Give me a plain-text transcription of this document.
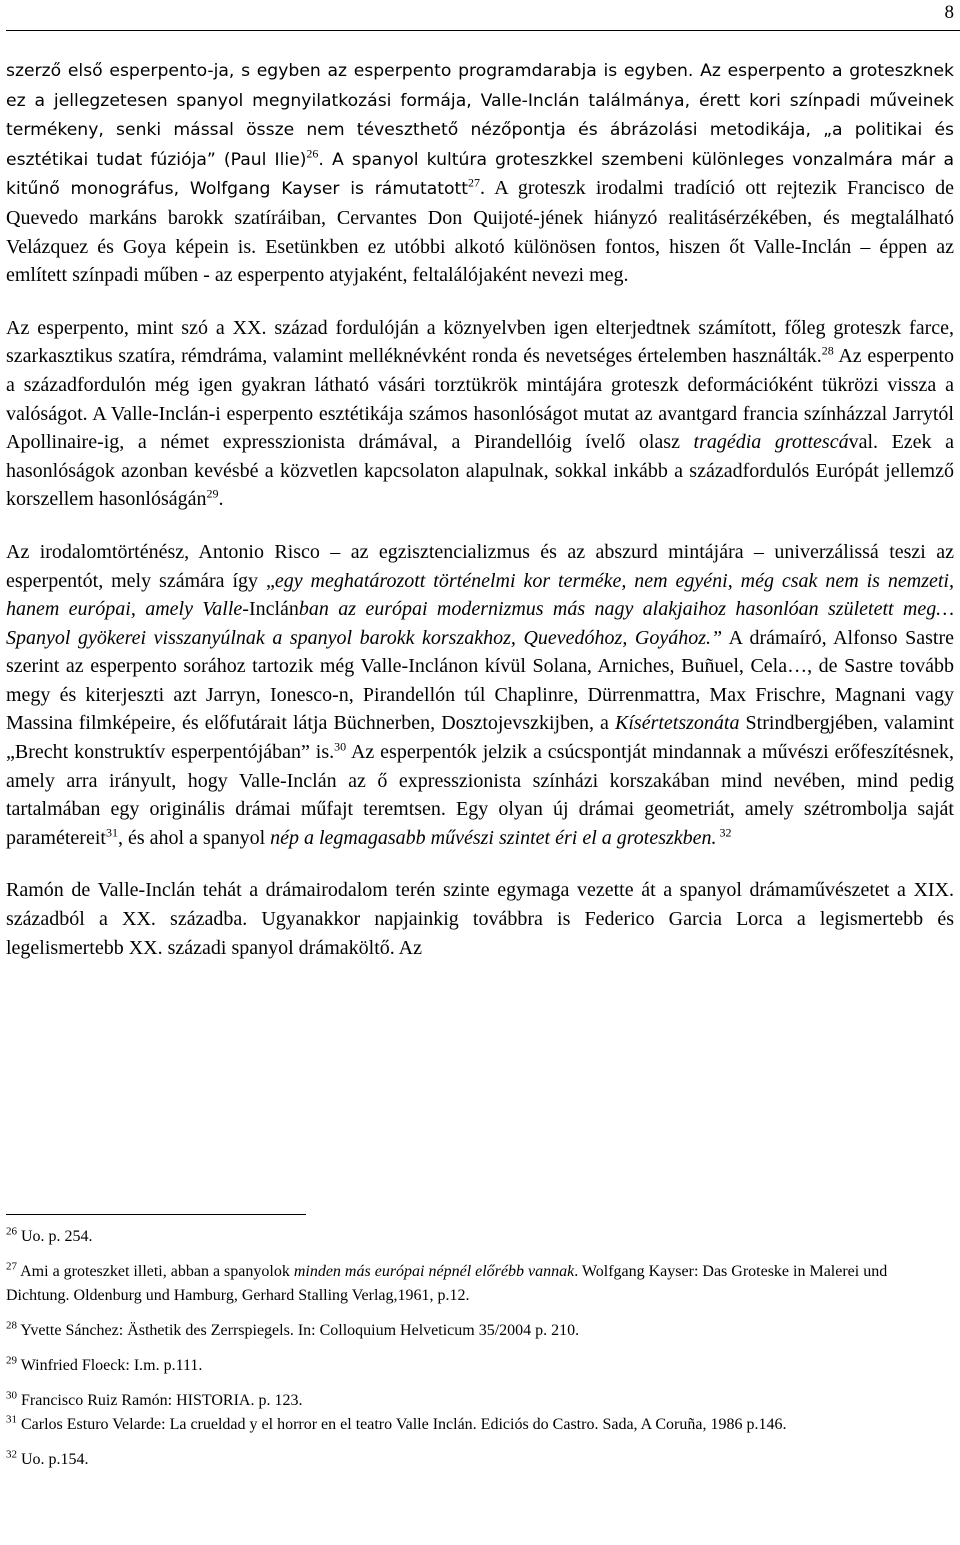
8

szerző első esperpento-ja, s egyben az esperpento programdarabja is egyben. Az esperpento a groteszknek ez a jellegzetesen spanyol megnyilatkozási formája, Valle-Inclán találmánya, érett kori színpadi műveinek termékeny, senki mással össze nem téveszthető nézőpontja és ábrázolási metodikája, „a politikai és esztétikai tudat fúziója” (Paul Ilie)$^{26}$. A spanyol kultúra groteszkkel szembeni különleges vonzalmára már a kitűnő monográfus, Wolfgang Kayser is rámutatott$^{27}$. A groteszk irodalmi tradíció ott rejtezik Francisco de Quevedo markáns barokk szatíráiban, Cervantes Don Quijoté-jének hiányzó realitásérzékében, és megtalálható Velázquez és Goya képein is. Esetünkben ez utóbbi alkotó különösen fontos, hiszen őt Valle-Inclán – éppen az említett színpadi műben - az esperpento atyjaként, feltalálójaként nevezi meg.

Az esperpento, mint szó a XX. század fordulóján a köznyelvben igen elterjedtnek számított, főleg groteszk farce, szarkasztikus szatíra, rémdráma, valamint melléknévként ronda és nevetséges értelemben használták.$^{28}$ Az esperpento a századfordulón még igen gyakran látható vásári torztükrök mintájára groteszk deformációként tükrözi vissza a valóságot. A Valle-Inclán-i esperpento esztétikája számos hasonlóságot mutat az avantgard francia színházzal Jarrytól Apollinaire-ig, a német expresszionista drámával, a Pirandellóig ívelő olasz tragédia grottescával. Ezek a hasonlóságok azonban kevésbé a közvetlen kapcsolaton alapulnak, sokkal inkább a századfordulós Európát jellemző korszellem hasonlóságán$^{29}$.

Az irodalomtörténész, Antonio Risco – az egzisztencializmus és az abszurd mintájára – univerzálissá teszi az esperpentót, mely számára így „egy meghatározott történelmi kor terméke, nem egyéni, még csak nem is nemzeti, hanem európai, amely Valle-Inclánban az európai modernizmus más nagy alakjaihoz hasonlóan született meg… Spanyol gyökerei visszanyúlnak a spanyol barokk korszakhoz, Quevedóhoz, Goyához.” A drámaíró, Alfonso Sastre szerint az esperpento sorához tartozik még Valle-Inclánon kívül Solana, Arniches, Buñuel, Cela…, de Sastre tovább megy és kiterjeszti azt Jarryn, Ionesco-n, Pirandellón túl Chaplinre, Dürrenmattra, Max Frischre, Magnani vagy Massina filmképeire, és előfutárait látja Büchnerben, Dosztojevszkijben, a Kísértetszonáta Strindbergjében, valamint „Brecht konstruktív esperpentójában” is.$^{30}$ Az esperpentók jelzik a csúcspontját mindannak a művészi erőfeszítésnek, amely arra irányult, hogy Valle-Inclán az ő expresszionista színházi korszakában mind nevében, mind pedig tartalmában egy originális drámai műfajt teremtsen. Egy olyan új drámai geometriát, amely szétrombolja saját paramétereit$^{31}$, és ahol a spanyol nép a legmagasabb művészi szintet éri el a groteszkben. $^{32}$

Ramón de Valle-Inclán tehát a drámairodalom terén szinte egymaga vezette át a spanyol drámaművészetet a XIX. századból a XX. századba. Ugyanakkor napjainkig továbbra is Federico Garcia Lorca a legismertebb és legelismertebb XX. századi spanyol drámaköltő. Az

$^{26}$ Uo. p. 254.
$^{27}$ Ami a groteszket illeti, abban a spanyolok minden más európai népnél előrébb vannak. Wolfgang Kayser: Das Groteske in Malerei und Dichtung. Oldenburg und Hamburg, Gerhard Stalling Verlag,1961, p.12.
$^{28}$ Yvette Sánchez: Ästhetik des Zerrspiegels. In: Colloquium Helveticum 35/2004 p. 210.
$^{29}$ Winfried Floeck: I.m. p.111.
$^{30}$ Francisco Ruiz Ramón: HISTORIA. p. 123.
$^{31}$ Carlos Esturo Velarde: La crueldad y el horror en el teatro Valle Inclán. Ediciós do Castro. Sada, A Coruña, 1986 p.146.
$^{32}$ Uo. p.154.
